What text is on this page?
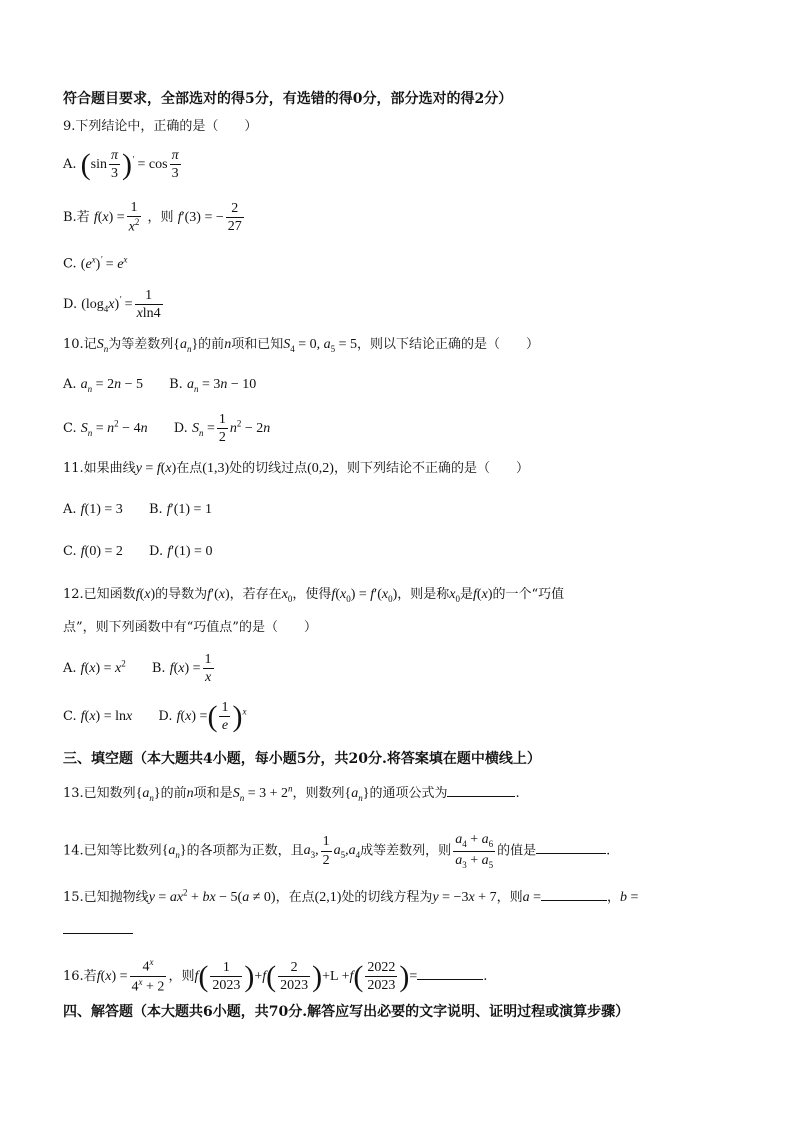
符合题目要求，全部选对的得5分，有选错的得0分，部分选对的得2分）
9.下列结论中，正确的是（　　）
A. $(\sin \frac{\pi}{3} )' = \cos \frac{\pi}{3}$
B.若 $f(x) = \frac{1}{x^2}$ ，则 f′(3) = − $\frac{2}{27}$
C. $(e^x)' = e^x$
D. $(\log_4x)' = \frac{1}{xln4}$
10.记$S_n$为等差数列$\{a_n\}$的前n项和已知$S_4 = 0$, $a_5 = 5$，则以下结论正确的是（　　）
A. $a_n = 2n - 5$ B. $a_n = 3n - 10$
C. $S_n = n^2 - 4n$ D. $S_n = \frac{1}{2} n^2 - 2n$
11.如果曲线y = f(x)在点(1,3)处的切线过点(0,2)，则下列结论不正确的是（　　）
A. f(1) = 3 B. f′(1) = 1
C. f(0) = 2 D. f′(1) = 0
12.已知函数f(x)的导数为f′(x)，若存在$x_0$，使得$f(x_0) = f'(x_0)$，则是称$x_0$是f(x)的一个“巧值
点”，则下列函数中有“巧值点”的是（　　）
A. $f(x) = x^2$ B. $f(x) = \frac{1}{x}$
C. f(x) = lnx D. f(x) =( $\frac{1}{e} )^x$
三、填空题（本大题共4小题，每小题5分，共20分.将答案填在题中横线上）
13.已知数列$\{a_n\}$的前n项和是$S_n = 3 + 2^n$，则数列$\{a_n\}$的通项公式为	.
14.已知等比数列$\{a_n\}$的各项都为正数，且$a_3$, $\frac{1}{2} a_5,a_4$成等差数列，则 $\frac{a_4 + a_6}{a_3 + a_5}$ 的值是	.
15.已知抛物线$y = ax^2$ + bx − 5(a ≠ 0)，在点(2,1)处的切线方程为y = −3x + 7，则a =	，b =
16.若$f(x) = \frac{4^x}{4^x + 2}$ ，则$f( \frac{1}{2023} )+f( \frac{2}{2023} )+L +f( \frac{2022}{2023}$ )=	.
四、解答题（本大题共6小题，共70分.解答应写出必要的文字说明、证明过程或演算步骤）
